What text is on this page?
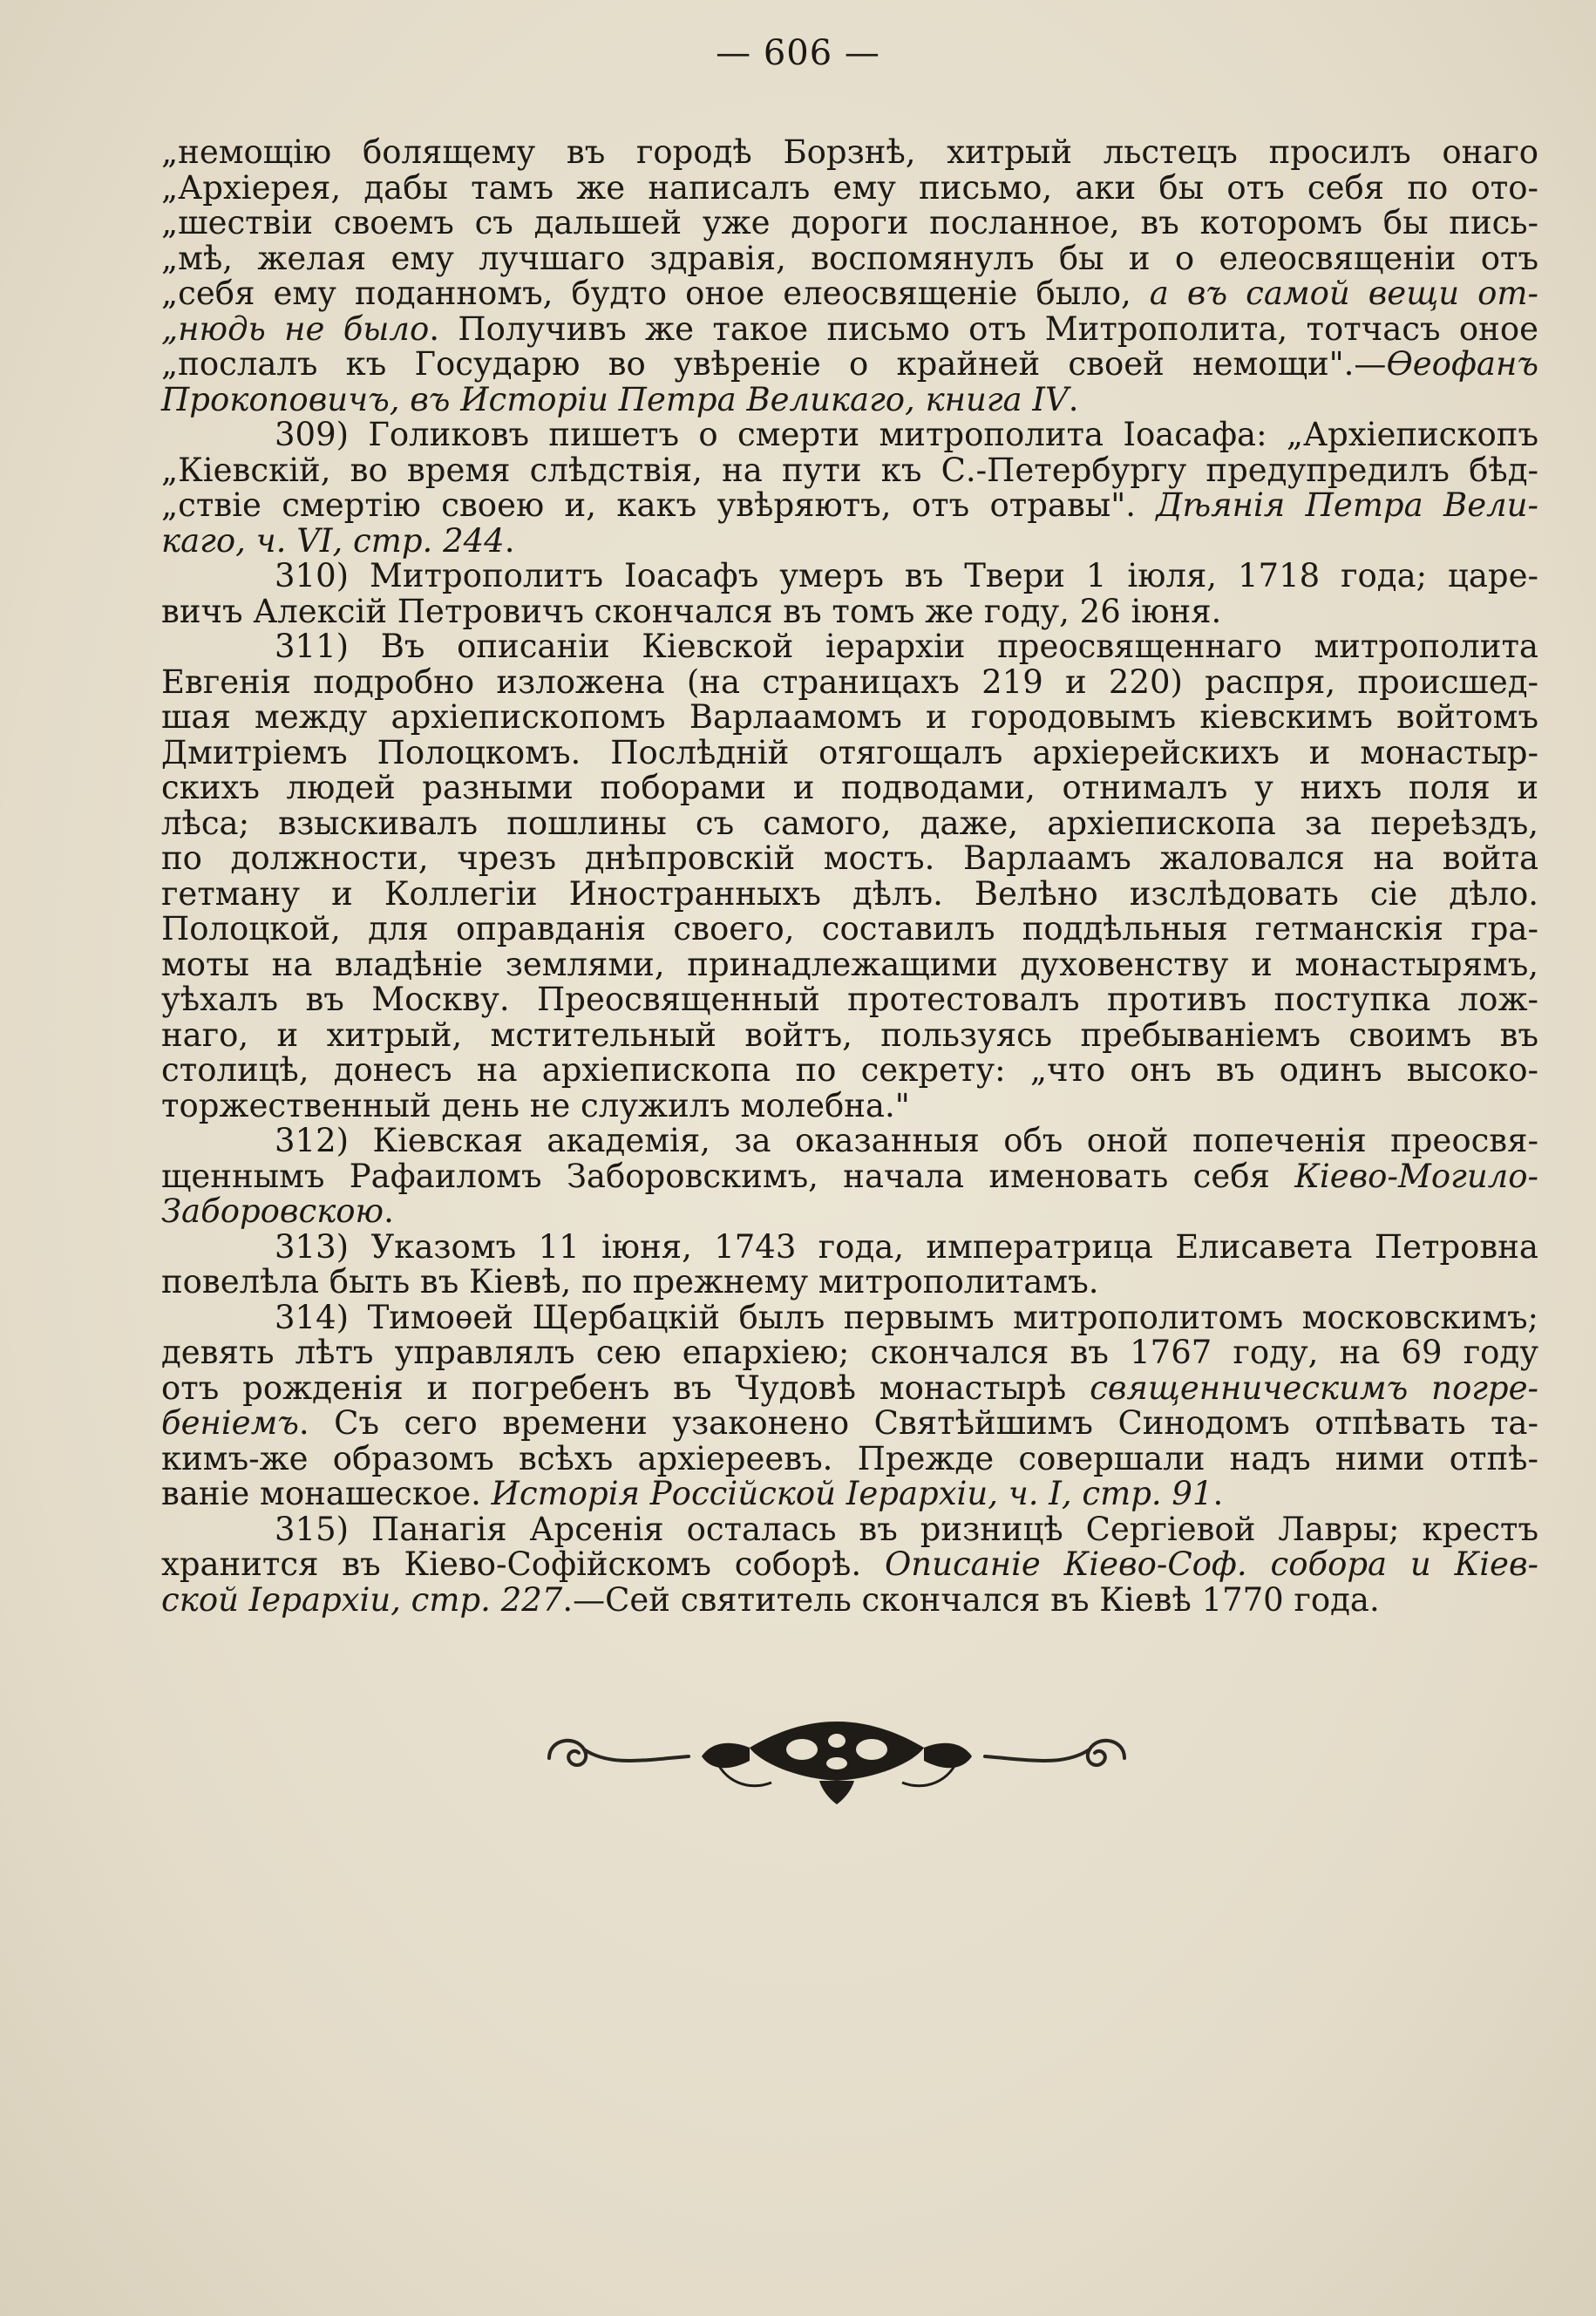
— 606 —
„немощію болящему въ городѣ Борзнѣ, хитрый льстецъ просилъ онаго
„Архіерея, дабы тамъ же написалъ ему письмо, аки бы отъ себя по ото-
„шествіи своемъ съ дальшей уже дороги посланное, въ которомъ бы пись-
„мѣ, желая ему лучшаго здравія, воспомянулъ бы и о елеосвященіи отъ
„себя ему поданномъ, будто оное елеосвященіе было, а въ самой вещи от-
„нюдь не было. Получивъ же такое письмо отъ Митрополита, тотчасъ оное
„послалъ къ Государю во увѣреніе о крайней своей немощи".—Ѳеофанъ
Прокоповичъ, въ Исторіи Петра Великаго, книга IV.
309) Голиковъ пишетъ о смерти митрополита Іоасафа: „Архіепископъ
„Кіевскій, во время слѣдствія, на пути къ С.-Петербургу предупредилъ бѣд-
„ствіе смертію своею и, какъ увѣряютъ, отъ отравы". Дѣянія Петра Вели-
каго, ч. VI, стр. 244.
310) Митрополитъ Іоасафъ умеръ въ Твери 1 іюля, 1718 года; царе-
вичъ Алексій Петровичъ скончался въ томъ же году, 26 іюня.
311) Въ описаніи Кіевской іерархіи преосвященнаго митрополита
Евгенія подробно изложена (на страницахъ 219 и 220) распря, происшед-
шая между архіепископомъ Варлаамомъ и городовымъ кіевскимъ войтомъ
Дмитріемъ Полоцкомъ. Послѣдній отягощалъ архіерейскихъ и монастыр-
скихъ людей разными поборами и подводами, отнималъ у нихъ поля и
лѣса; взыскивалъ пошлины съ самого, даже, архіепископа за переѣздъ,
по должности, чрезъ днѣпровскій мостъ. Варлаамъ жаловался на войта
гетману и Коллегіи Иностранныхъ дѣлъ. Велѣно изслѣдовать сіе дѣло.
Полоцкой, для оправданія своего, составилъ поддѣльныя гетманскія гра-
моты на владѣніе землями, принадлежащими духовенству и монастырямъ,
уѣхалъ въ Москву. Преосвященный протестовалъ противъ поступка лож-
наго, и хитрый, мстительный войтъ, пользуясь пребываніемъ своимъ въ
столицѣ, донесъ на архіепископа по секрету: „что онъ въ одинъ высоко-
торжественный день не служилъ молебна."
312) Кіевская академія, за оказанныя объ оной попеченія преосвя-
щеннымъ Рафаиломъ Заборовскимъ, начала именовать себя Кіево-Могило-
Заборовскою.
313) Указомъ 11 іюня, 1743 года, императрица Елисавета Петровна
повелѣла быть въ Кіевѣ, по прежнему митрополитамъ.
314) Тимоѳей Щербацкій былъ первымъ митрополитомъ московскимъ;
девять лѣтъ управлялъ сею епархіею; скончался въ 1767 году, на 69 году
отъ рожденія и погребенъ въ Чудовѣ монастырѣ священническимъ погре-
беніемъ. Съ сего времени узаконено Святѣйшимъ Синодомъ отпѣвать та-
кимъ-же образомъ всѣхъ архіереевъ. Прежде совершали надъ ними отпѣ-
ваніе монашеское. Исторія Россійской Іерархіи, ч. I, стр. 91.
315) Панагія Арсенія осталась въ ризницѣ Сергіевой Лавры; крестъ
хранится въ Кіево-Софійскомъ соборѣ. Описаніе Кіево-Соф. собора и Кіев-
ской Іерархіи, стр. 227.—Сей святитель скончался въ Кіевѣ 1770 года.
